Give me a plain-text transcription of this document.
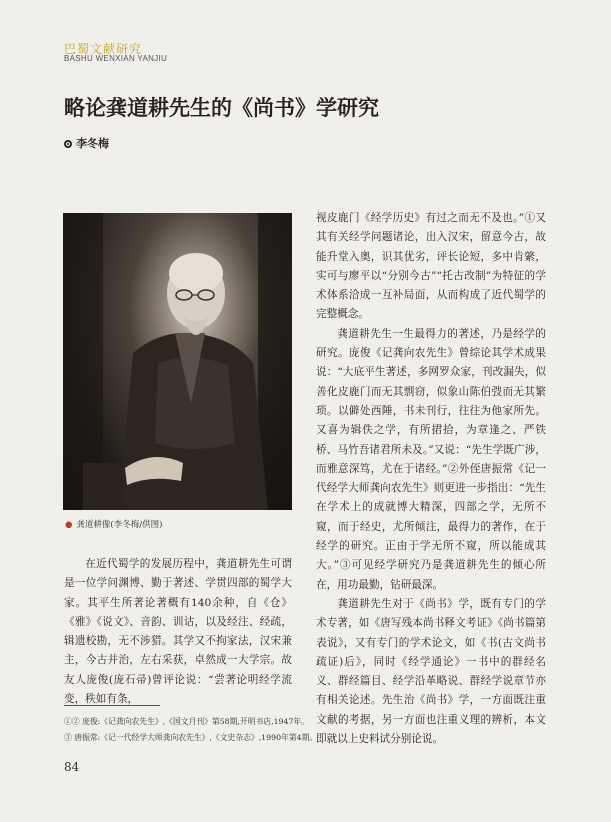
巴蜀文献研究
BASHU WENXIAN YANJIU
略论龚道耕先生的《尚书》学研究
李冬梅
● 龚道耕像(李冬梅/供图)

视皮鹿门《经学历史》有过之而无不及也。”①又其有关经学问题诸论，出入汉宋，留意今古，故能升堂入奥，识其优劣，评长论短，多中肯綮，实可与廖平以“分别今古”“托古改制”为特征的学术体系洽成一互补局面，从而构成了近代蜀学的完整概念。

龚道耕先生一生最得力的著述，乃是经学的研究。庞俊《记龚向农先生》曾综论其学术成果说：“大底平生著述，多网罗众家，刊改漏失，似善化皮鹿门而无其剽窃，似象山陈伯弢而无其繁琐。以僻处西陲，书未刊行，往往为他家所先。又喜为辑佚之学，有所捃拾，为章逢之、严铁桥、马竹吾诸君所未及。”又说：“先生学既广涉，而雅意深笃，尤在于诸经。”②外侄唐振常《记一代经学大师龚向农先生》则更进一步指出：“先生在学术上的成就博大精深，四部之学，无所不窥，而于经史，尤所倾注，最得力的著作，在于经学的研究。正由于学无所不窥，所以能成其大。”③可见经学研究乃是龚道耕先生的倾心所在，用功最勤，钻研最深。

龚道耕先生对于《尚书》学，既有专门的学术专著，如《唐写残本尚书释文考证》《尚书篇第表说》，又有专门的学术论文，如《书(古文尚书疏证)后》，同时《经学通论》一书中的群经名义、群经篇目、经学沿革略说、群经学说章节亦有相关论述。先生治《尚书》学，一方面既注重文献的考据，另一方面也注重义理的辨析，本文即就以上史料试分别论说。

在近代蜀学的发展历程中，龚道耕先生可谓是一位学问渊博、勤于著述、学贯四部的蜀学大家。其平生所著论著概有140余种，自《仓》《雅》《说文》、音韵、训诂，以及经注、经疏，辑遗校勘，无不涉猎。其学又不拘家法，汉宋兼主，今古并治，左右采获，卓然成一大学宗。故友人庞俊(庞石帚)曾评论说：“尝著论明经学流变，秩如有条，

①② 庞俊:《记龚向农先生》,《国文月刊》第58期,开明书店,1947年。
③ 唐振常:《记一代经学大师龚向农先生》,《文史杂志》,1990年第4期。
84
